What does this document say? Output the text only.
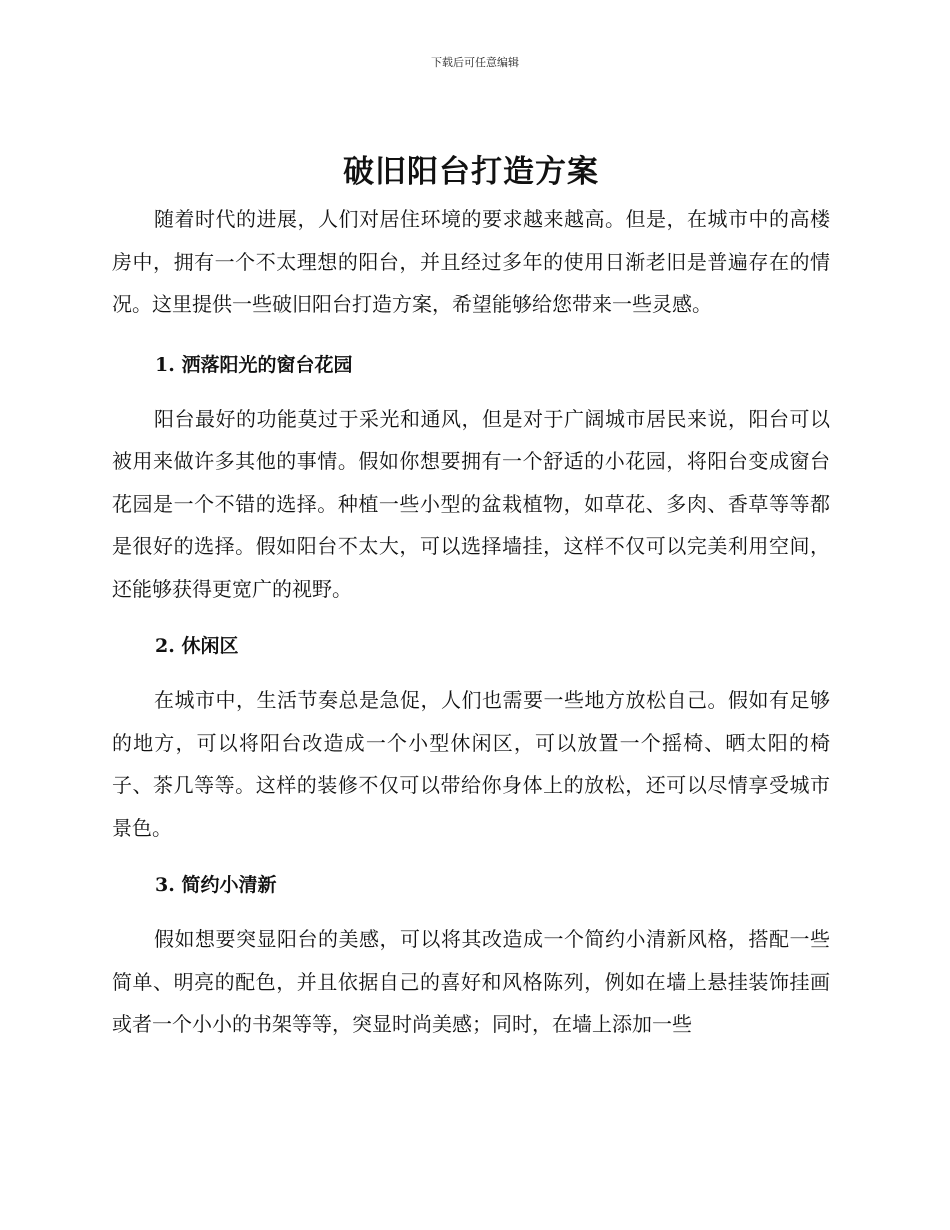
下载后可任意编辑
破旧阳台打造方案

随着时代的进展，人们对居住环境的要求越来越高。但是，在城市中的高楼房中，拥有一个不太理想的阳台，并且经过多年的使用日渐老旧是普遍存在的情况。这里提供一些破旧阳台打造方案，希望能够给您带来一些灵感。

1. 洒落阳光的窗台花园

阳台最好的功能莫过于采光和通风，但是对于广阔城市居民来说，阳台可以被用来做许多其他的事情。假如你想要拥有一个舒适的小花园，将阳台变成窗台花园是一个不错的选择。种植一些小型的盆栽植物，如草花、多肉、香草等等都是很好的选择。假如阳台不太大，可以选择墙挂，这样不仅可以完美利用空间，还能够获得更宽广的视野。

2. 休闲区

在城市中，生活节奏总是急促，人们也需要一些地方放松自己。假如有足够的地方，可以将阳台改造成一个小型休闲区，可以放置一个摇椅、晒太阳的椅子、茶几等等。这样的装修不仅可以带给你身体上的放松，还可以尽情享受城市景色。

3. 简约小清新

假如想要突显阳台的美感，可以将其改造成一个简约小清新风格，搭配一些简单、明亮的配色，并且依据自己的喜好和风格陈列，例如在墙上悬挂装饰挂画或者一个小小的书架等等，突显时尚美感；同时，在墙上添加一些
